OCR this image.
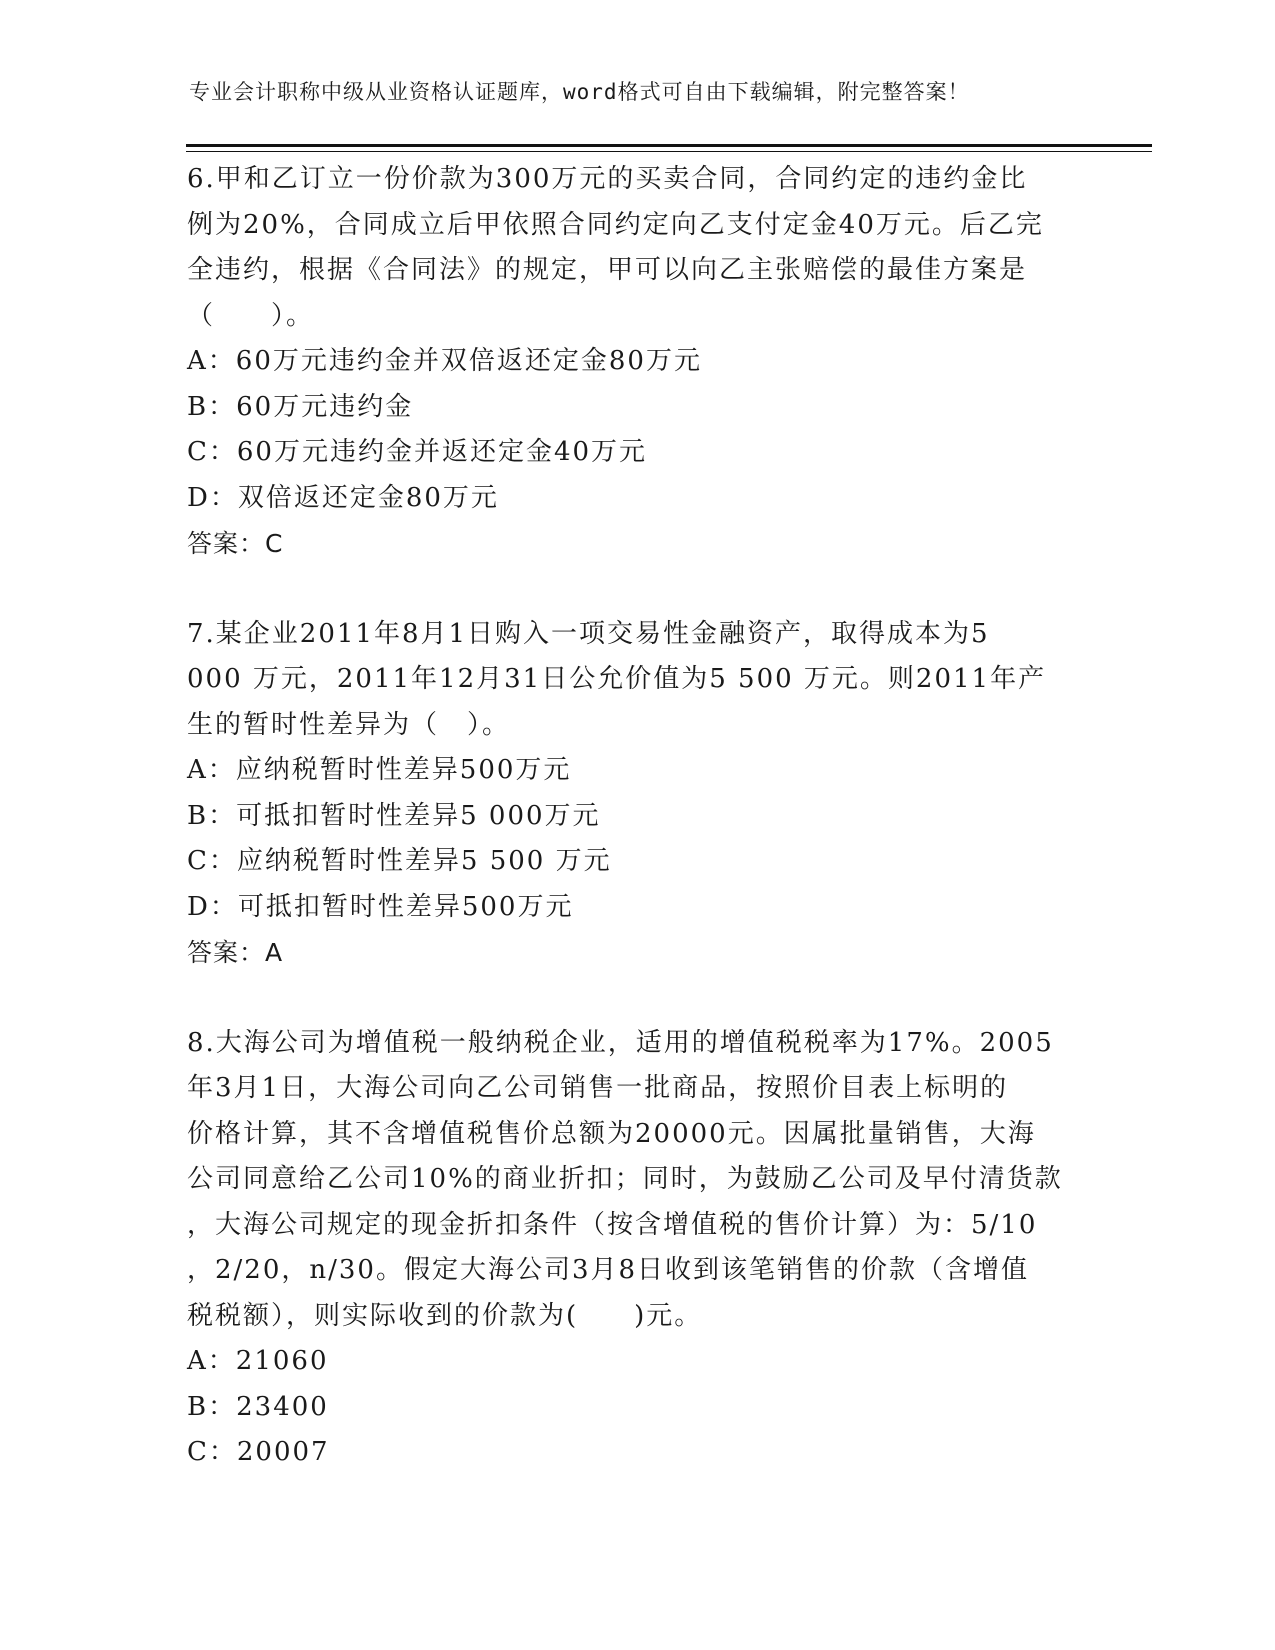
专业会计职称中级从业资格认证题库，word格式可自由下载编辑，附完整答案！

6.甲和乙订立一份价款为300万元的买卖合同，合同约定的违约金比

例为20%，合同成立后甲依照合同约定向乙支付定金40万元。后乙完

全违约，根据《合同法》的规定，甲可以向乙主张赔偿的最佳方案是

（　　）。

A：60万元违约金并双倍返还定金80万元

B：60万元违约金

C：60万元违约金并返还定金40万元

D：双倍返还定金80万元

答案：C

7.某企业2011年8月1日购入一项交易性金融资产，取得成本为5

000 万元，2011年12月31日公允价值为5 500 万元。则2011年产

生的暂时性差异为（　）。

A：应纳税暂时性差异500万元

B：可抵扣暂时性差异5 000万元

C：应纳税暂时性差异5 500 万元

D：可抵扣暂时性差异500万元

答案：A

8.大海公司为增值税一般纳税企业，适用的增值税税率为17%。2005

年3月1日，大海公司向乙公司销售一批商品，按照价目表上标明的

价格计算，其不含增值税售价总额为20000元。因属批量销售，大海

公司同意给乙公司10%的商业折扣；同时，为鼓励乙公司及早付清货款

，大海公司规定的现金折扣条件（按含增值税的售价计算）为：5/10

，2/20，n/30。假定大海公司3月8日收到该笔销售的价款（含增值

税税额），则实际收到的价款为(　　)元。

A：21060

B：23400

C：20007
